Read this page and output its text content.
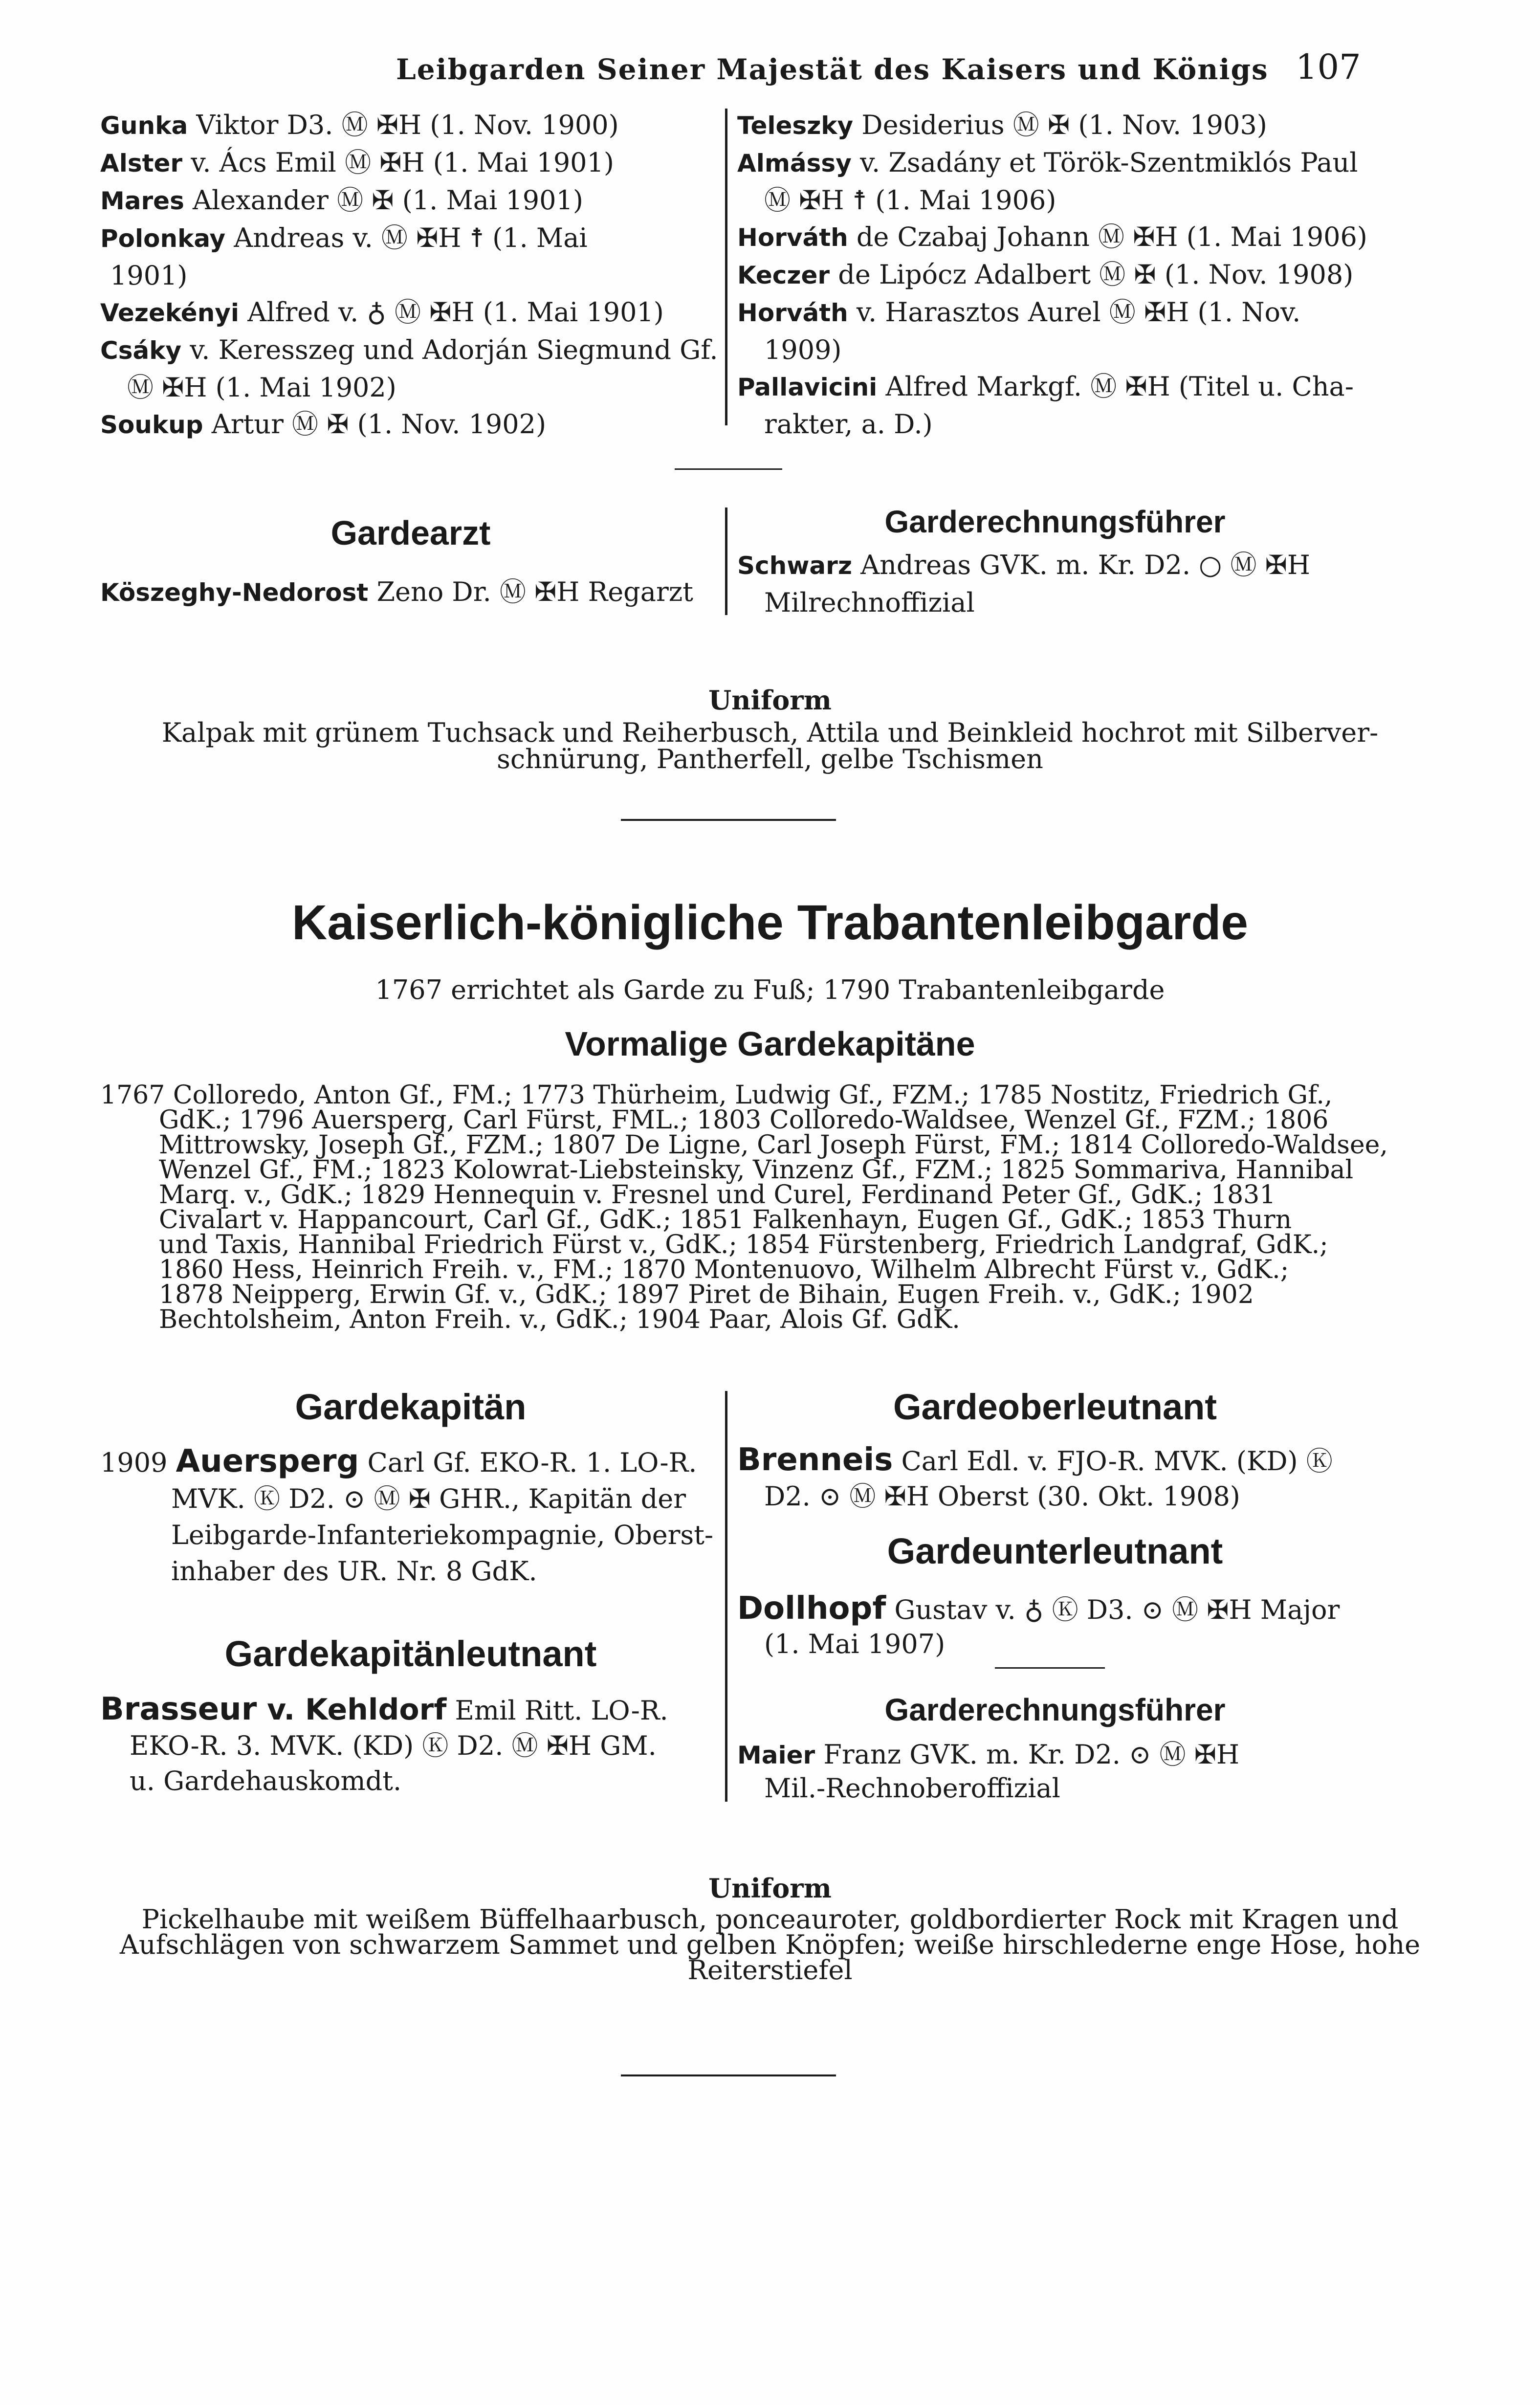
Leibgarden Seiner Majestät des Kaisers und Königs 107
Gunka Viktor D3. Ⓜ ✠H (1. Nov. 1900)
Alster v. Ács Emil Ⓜ ✠H (1. Mai 1901)
Mares Alexander Ⓜ ✠ (1. Mai 1901)
Polonkay Andreas v. Ⓜ ✠H ☨ (1. Mai
1901)
Vezekényi Alfred v. ♁ Ⓜ ✠H (1. Mai 1901)
Csáky v. Keresszeg und Adorján Siegmund Gf.
Ⓜ ✠H (1. Mai 1902)
Soukup Artur Ⓜ ✠ (1. Nov. 1902)
Teleszky Desiderius Ⓜ ✠ (1. Nov. 1903)
Almássy v. Zsadány et Török-Szentmiklós Paul
Ⓜ ✠H ☨ (1. Mai 1906)
Horváth de Czabaj Johann Ⓜ ✠H (1. Mai 1906)
Keczer de Lipócz Adalbert Ⓜ ✠ (1. Nov. 1908)
Horváth v. Harasztos Aurel Ⓜ ✠H (1. Nov.
1909)
Pallavicini Alfred Markgf. Ⓜ ✠H (Titel u. Cha-
rakter, a. D.)
Gardearzt
Köszeghy-Nedorost Zeno Dr. Ⓜ ✠H Regarzt
Garderechnungsführer
Schwarz Andreas GVK. m. Kr. D2. ○ Ⓜ ✠H
Milrechnoffizial
Uniform
Kalpak mit grünem Tuchsack und Reiherbusch, Attila und Beinkleid hochrot mit Silberver-
schnürung, Pantherfell, gelbe Tschismen
Kaiserlich-königliche Trabantenleibgarde
1767 errichtet als Garde zu Fuß; 1790 Trabantenleibgarde
Vormalige Gardekapitäne
1767 Colloredo, Anton Gf., FM.; 1773 Thürheim, Ludwig Gf., FZM.; 1785 Nostitz, Friedrich Gf.,
GdK.; 1796 Auersperg, Carl Fürst, FML.; 1803 Colloredo-Waldsee, Wenzel Gf., FZM.; 1806
Mittrowsky, Joseph Gf., FZM.; 1807 De Ligne, Carl Joseph Fürst, FM.; 1814 Colloredo-Waldsee,
Wenzel Gf., FM.; 1823 Kolowrat-Liebsteinsky, Vinzenz Gf., FZM.; 1825 Sommariva, Hannibal
Marq. v., GdK.; 1829 Hennequin v. Fresnel und Curel, Ferdinand Peter Gf., GdK.; 1831
Civalart v. Happancourt, Carl Gf., GdK.; 1851 Falkenhayn, Eugen Gf., GdK.; 1853 Thurn
und Taxis, Hannibal Friedrich Fürst v., GdK.; 1854 Fürstenberg, Friedrich Landgraf, GdK.;
1860 Hess, Heinrich Freih. v., FM.; 1870 Montenuovo, Wilhelm Albrecht Fürst v., GdK.;
1878 Neipperg, Erwin Gf. v., GdK.; 1897 Piret de Bihain, Eugen Freih. v., GdK.; 1902
Bechtolsheim, Anton Freih. v., GdK.; 1904 Paar, Alois Gf. GdK.
Gardekapitän
1909 Auersperg Carl Gf. EKO-R. 1. LO-R.
MVK. Ⓚ D2. ⊙ Ⓜ ✠ GHR., Kapitän der
Leibgarde-Infanteriekompagnie, Oberst-
inhaber des UR. Nr. 8 GdK.
Gardekapitänleutnant
Brasseur v. Kehldorf Emil Ritt. LO-R.
EKO-R. 3. MVK. (KD) Ⓚ D2. Ⓜ ✠H GM.
u. Gardehauskomdt.
Gardeoberleutnant
Brenneis Carl Edl. v. FJO-R. MVK. (KD) Ⓚ
D2. ⊙ Ⓜ ✠H Oberst (30. Okt. 1908)
Gardeunterleutnant
Dollhopf Gustav v. ♁ Ⓚ D3. ⊙ Ⓜ ✠H Major
(1. Mai 1907)
Garderechnungsführer
Maier Franz GVK. m. Kr. D2. ⊙ Ⓜ ✠H
Mil.-Rechnoberoffizial
Uniform
Pickelhaube mit weißem Büffelhaarbusch, ponceauroter, goldbordierter Rock mit Kragen und
Aufschlägen von schwarzem Sammet und gelben Knöpfen; weiße hirschlederne enge Hose, hohe
Reiterstiefel
